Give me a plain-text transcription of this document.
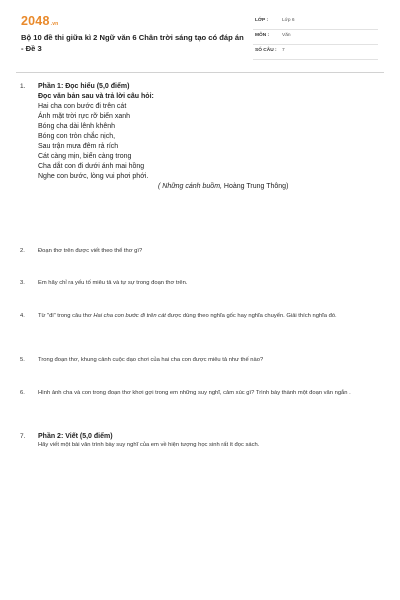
2048.vn
Bộ 10 đề thi giữa kì 2 Ngữ văn 6 Chân trời sáng tạo có đáp án - Đề 3
LỚP :	Lớp 6
MÔN :	Văn
SỐ CÂU : 7
1.	Phần 1: Đọc hiểu (5,0 điểm)
Đọc văn bản sau và trả lời câu hỏi:
Hai cha con bước đi trên cát
Ánh mặt trời rực rỡ biển xanh
Bóng cha dài lênh khênh
Bóng con tròn chắc nịch,
Sau trận mưa đêm rả rích
Cát càng mịn, biển càng trong
Cha dắt con đi dưới ánh mai hồng
Nghe con bước, lòng vui phơi phới.
( Những cánh buồm, Hoàng Trung Thông)
2.	Đoạn thơ trên được viết theo thể thơ gì?
3.	Em hãy chỉ ra yếu tố miêu tả và tự sự trong đoạn thơ trên.
4.	Từ "đi" trong câu thơ Hai cha con bước đi trên cát được dùng theo nghĩa gốc hay nghĩa chuyển. Giải thích nghĩa đó.
5.	Trong đoạn thơ, khung cảnh cuộc dạo chơi của hai cha con được miêu tả như thế nào?
6.	Hình ảnh cha và con trong đoạn thơ khơi gợi trong em những suy nghĩ, cảm xúc gì? Trình bày thành một đoạn văn ngắn .
7.	Phần 2: Viết (5,0 điểm)
Hãy viết một bài văn trình bày suy nghĩ của em về hiện tượng học sinh rất ít đọc sách.
